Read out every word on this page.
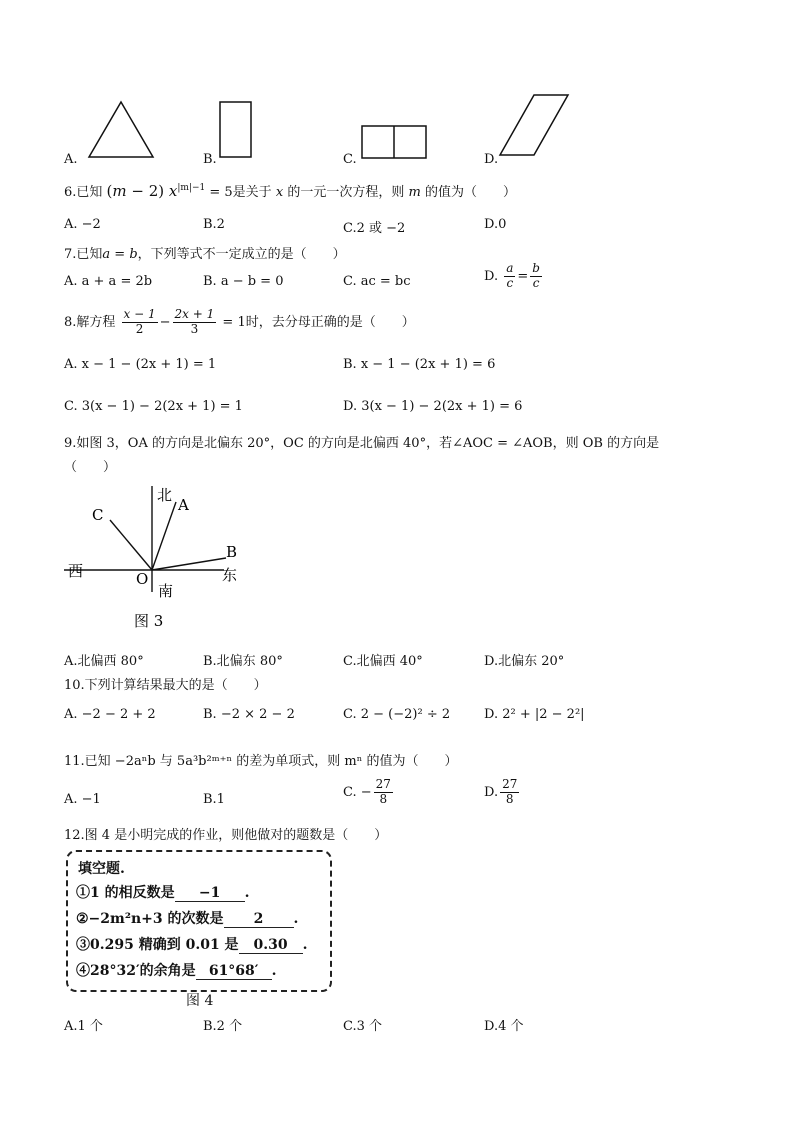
A.	B.	C.	D.
6.已知 (m − 2) $x^{|m|-1} = 5$是关于 x 的一元一次方程，则 m 的值为（　　）
A. −2	B.2	C.2 或 −2	D.0
7.已知a = b，下列等式不一定成立的是（　　）
A. a + a = 2b	B. a − b = 0	C. ac = bc	D. $\frac{a}{c} = \frac{b}{c}$
8.解方程 $\frac{x - 1}{2} - \frac{2x + 1}{3} = 1$时，去分母正确的是（　　）
A. x − 1 − (2x + 1) = 1	B. x − 1 − (2x + 1) = 6
C. 3(x − 1) − 2(2x + 1) = 1	D. 3(x − 1) − 2(2x + 1) = 6
9.如图 3，OA 的方向是北偏东 20°，OC 的方向是北偏西 40°，若∠AOC = ∠AOB，则 OB 的方向是
（　　）
北
A
C
B
西	东
O
南
图 3
A.北偏西 80°	B.北偏东 80°	C.北偏西 40°	D.北偏东 20°
10.下列计算结果最大的是（　　）
A. −2 − 2 + 2	B. −2 × 2 − 2	C. 2 − (−2)² ÷ 2	D. 2² + |2 − 2²|
11.已知 −2aⁿb 与 5a³b²ᵐ⁺ⁿ 的差为单项式，则 mⁿ 的值为（　　）
A. −1	B.1	C. − $\frac{27}{8}$	D. $\frac{27}{8}$
12.图 4 是小明完成的作业，则他做对的题数是（　　）
填空题.
①1 的相反数是 −1 .
②−2m²n+3 的次数是 2 .
③0.295 精确到 0.01 是 0.30 .
④28°32′的余角是 61°68′ .
图 4
A.1 个	B.2 个	C.3 个	D.4 个
